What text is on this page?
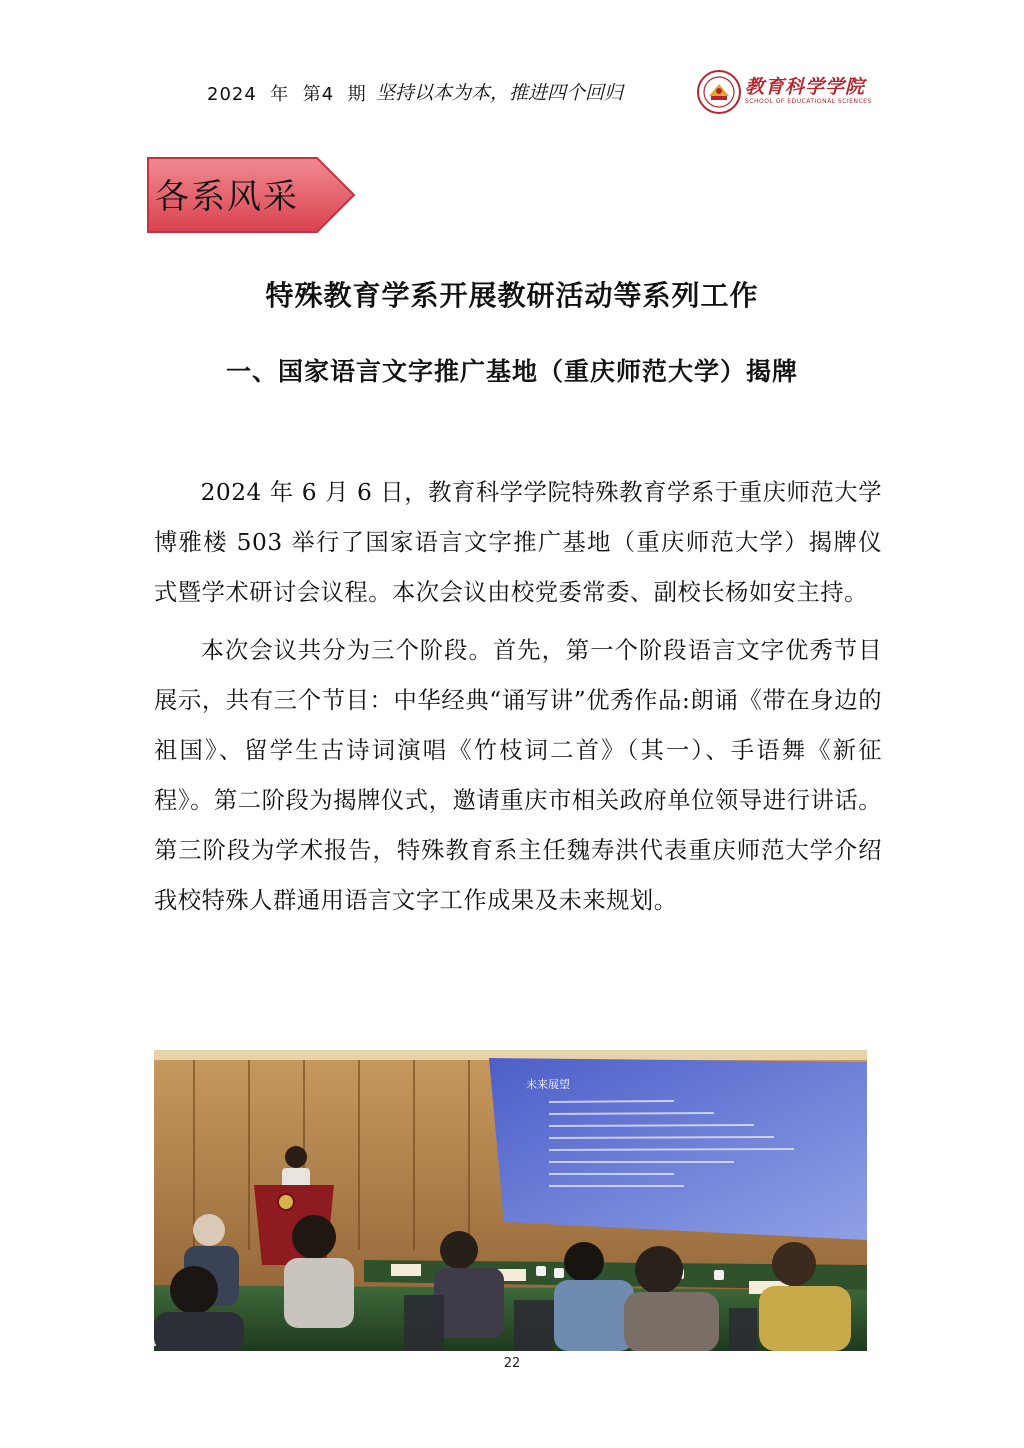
2024  年  第4  期 坚持以本为本，推进四个回归	教育科学学院
SCHOOL OF EDUCATIONAL SCIENCES
各系风采
特殊教育学系开展教研活动等系列工作
一、国家语言文字推广基地（重庆师范大学）揭牌

2024 年 6 月 6 日，教育科学学院特殊教育学系于重庆师范大学博雅楼 503 举行了国家语言文字推广基地（重庆师范大学）揭牌仪式暨学术研讨会议程。本次会议由校党委常委、副校长杨如安主持。

本次会议共分为三个阶段。首先，第一个阶段语言文字优秀节目展示，共有三个节目：中华经典“诵写讲”优秀作品:朗诵《带在身边的祖国》、留学生古诗词演唱《竹枝词二首》（其一）、手语舞《新征程》。第二阶段为揭牌仪式，邀请重庆市相关政府单位领导进行讲话。第三阶段为学术报告，特殊教育系主任魏寿洪代表重庆师范大学介绍我校特殊人群通用语言文字工作成果及未来规划。

未来展望
22
